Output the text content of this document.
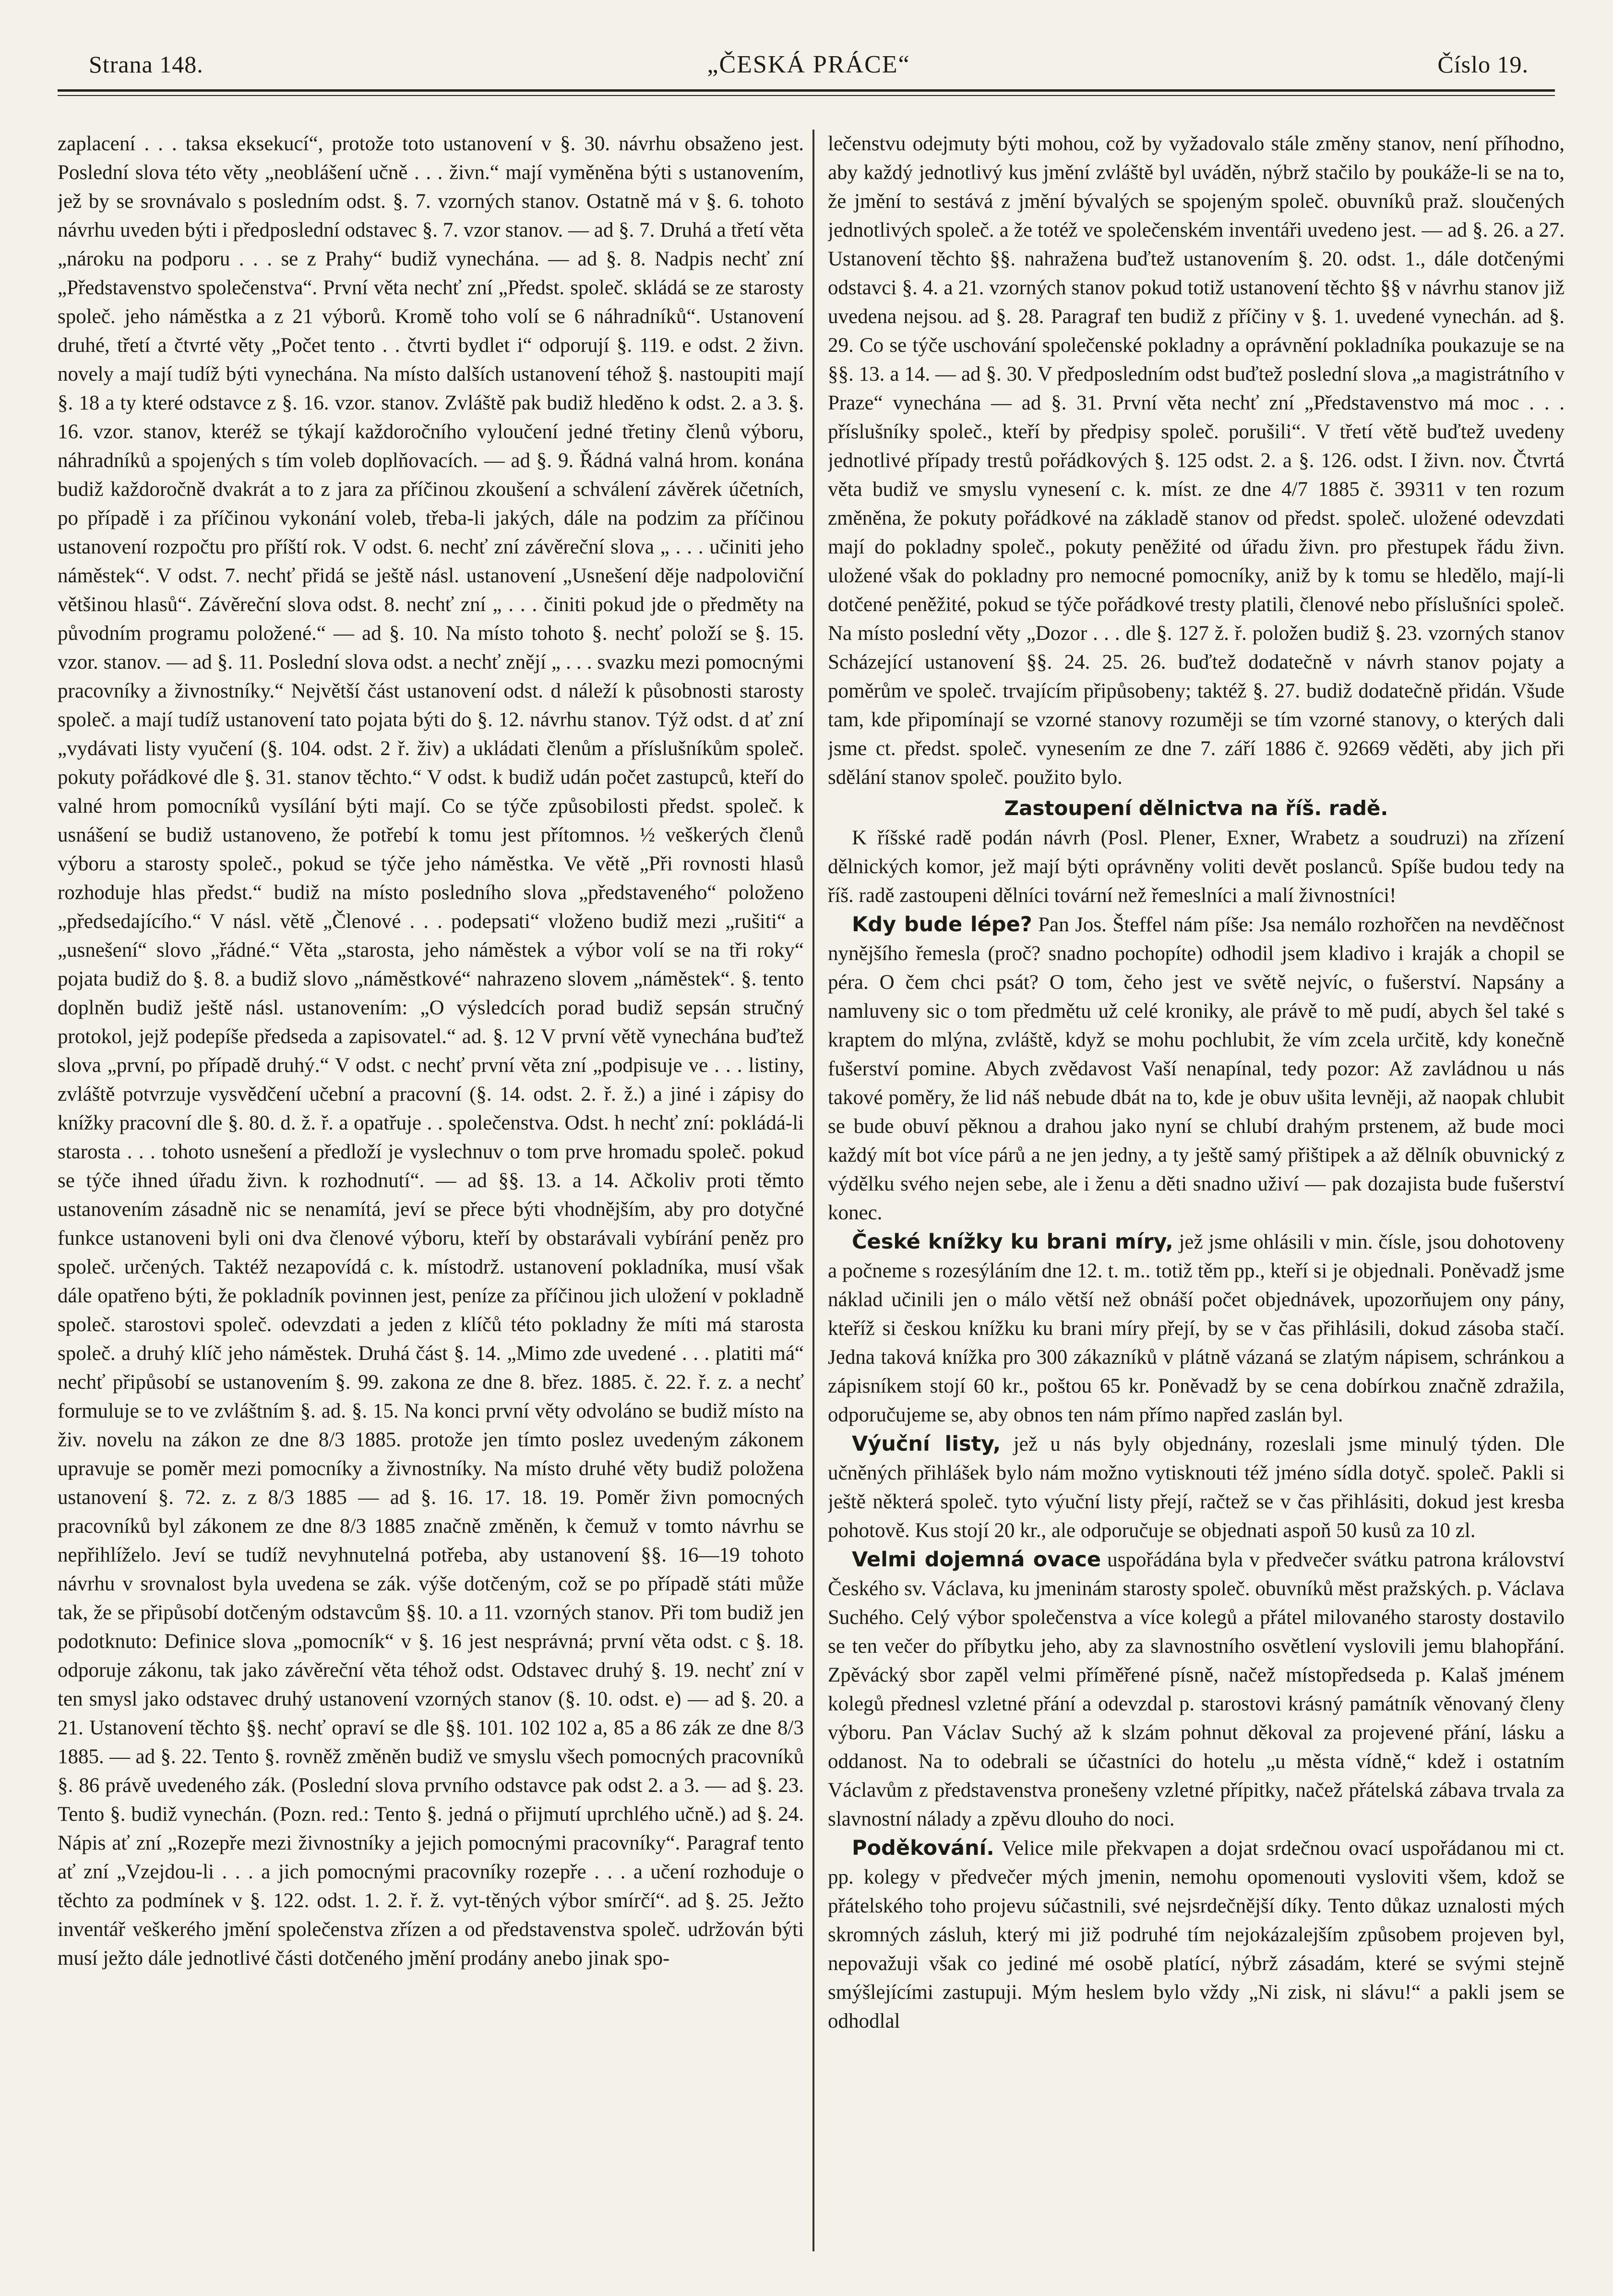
„ČESKÁ PRÁCE“
Strana 148.	Číslo 19.

zaplacení . . . taksa eksekucí“, protože toto ustanovení v §. 30. návrhu obsaženo jest. Poslední slova této věty „neoblášení učně . . . živn.“ mají vyměněna býti s ustanovením, jež by se srovnávalo s posledním odst. §. 7. vzorných stanov. Ostatně má v §. 6. tohoto návrhu uveden býti i předposlední odstavec §. 7. vzor stanov. — ad §. 7. Druhá a třetí věta „nároku na podporu . . . se z Prahy“ budiž vynechána. — ad §. 8. Nadpis nechť zní „Představenstvo společenstva“. První věta nechť zní „Předst. společ. skládá se ze starosty společ. jeho náměstka a z 21 výborů. Kromě toho volí se 6 náhradníků“. Ustanovení druhé, třetí a čtvrté věty „Počet tento . . čtvrti bydlet i“ odporují §. 119. e odst. 2 živn. novely a mají tudíž býti vynechána. Na místo dalších ustanovení téhož §. nastoupiti mají §. 18 a ty které odstavce z §. 16. vzor. stanov. Zvláště pak budiž hleděno k odst. 2. a 3. §. 16. vzor. stanov, kteréž se týkají každoročního vyloučení jedné třetiny členů výboru, náhradníků a spojených s tím voleb doplňovacích. — ad §. 9. Řádná valná hrom. konána budiž každoročně dvakrát a to z jara za příčinou zkoušení a schválení závěrek účetních, po případě i za příčinou vykonání voleb, třeba-li jakých, dále na podzim za příčinou ustanovení rozpočtu pro příští rok. V odst. 6. nechť zní závěreční slova „ . . . učiniti jeho náměstek“. V odst. 7. nechť přidá se ještě násl. ustanovení „Usnešení děje nadpoloviční většinou hlasů“. Závěreční slova odst. 8. nechť zní „ . . . činiti pokud jde o předměty na původním programu položené.“ — ad §. 10. Na místo tohoto §. nechť položí se §. 15. vzor. stanov. — ad §. 11. Poslední slova odst. a nechť znějí „ . . . svazku mezi pomocnými pracovníky a živnostníky.“ Největší část ustanovení odst. d náleží k působnosti starosty společ. a mají tudíž ustanovení tato pojata býti do §. 12. návrhu stanov. Týž odst. d ať zní „vydávati listy vyučení (§. 104. odst. 2 ř. živ) a ukládati členům a příslušníkům společ. pokuty pořádkové dle §. 31. stanov těchto.“ V odst. k budiž udán počet zastupců, kteří do valné hrom pomocníků vysílání býti mají. Co se týče způsobilosti předst. společ. k usnášení se budiž ustanoveno, že potřebí k tomu jest přítomnos. ½ veškerých členů výboru a starosty společ., pokud se týče jeho náměstka. Ve větě „Při rovnosti hlasů rozhoduje hlas předst.“ budiž na místo posledního slova „představeného“ položeno „předsedajícího.“ V násl. větě „Členové . . . podepsati“ vloženo budiž mezi „rušiti“ a „usnešení“ slovo „řádné.“ Věta „starosta, jeho náměstek a výbor volí se na tři roky“ pojata budiž do §. 8. a budiž slovo „náměstkové“ nahrazeno slovem „náměstek“. §. tento doplněn budiž ještě násl. ustanovením: „O výsledcích porad budiž sepsán stručný protokol, jejž podepíše předseda a zapisovatel.“ ad. §. 12 V první větě vynechána buďtež slova „první, po případě druhý.“ V odst. c nechť první věta zní „podpisuje ve . . . listiny, zvláště potvrzuje vysvědčení učební a pracovní (§. 14. odst. 2. ř. ž.) a jiné i zápisy do knížky pracovní dle §. 80. d. ž. ř. a opatřuje . . společenstva. Odst. h nechť zní: pokládá-li starosta . . . tohoto usnešení a předloží je vyslechnuv o tom prve hromadu společ. pokud se týče ihned úřadu živn. k rozhodnutí“. — ad §§. 13. a 14. Ačkoliv proti těmto ustanovením zásadně nic se nenamítá, jeví se přece býti vhodnějším, aby pro dotyčné funkce ustanoveni byli oni dva členové výboru, kteří by obstarávali vybírání peněz pro společ. určených. Taktéž nezapovídá c. k. místodrž. ustanovení pokladníka, musí však dále opatřeno býti, že pokladník povinnen jest, peníze za příčinou jich uložení v pokladně společ. starostovi společ. odevzdati a jeden z klíčů této pokladny že míti má starosta společ. a druhý klíč jeho náměstek. Druhá část §. 14. „Mimo zde uvedené . . . platiti má“ nechť připůsobí se ustanovením §. 99. zakona ze dne 8. břez. 1885. č. 22. ř. z. a nechť formuluje se to ve zvláštním §. ad. §. 15. Na konci první věty odvoláno se budiž místo na živ. novelu na zákon ze dne 8/3 1885. protože jen tímto poslez uvedeným zákonem upravuje se poměr mezi pomocníky a živnostníky. Na místo druhé věty budiž položena ustanovení §. 72. z. z 8/3 1885 — ad §. 16. 17. 18. 19. Poměr živn pomocných pracovníků byl zákonem ze dne 8/3 1885 značně změněn, k čemuž v tomto návrhu se nepřihlíželo. Jeví se tudíž nevyhnutelná potřeba, aby ustanovení §§. 16—19 tohoto návrhu v srovnalost byla uvedena se zák. výše dotčeným, což se po případě státi může tak, že se připůsobí dotčeným odstavcům §§. 10. a 11. vzorných stanov. Při tom budiž jen podotknuto: Definice slova „pomocník“ v §. 16 jest nesprávná; první věta odst. c §. 18. odporuje zákonu, tak jako závěreční věta téhož odst. Odstavec druhý §. 19. nechť zní v ten smysl jako odstavec druhý ustanovení vzorných stanov (§. 10. odst. e) — ad §. 20. a 21. Ustanovení těchto §§. nechť opraví se dle §§. 101. 102 102 a, 85 a 86 zák ze dne 8/3 1885. — ad §. 22. Tento §. rovněž změněn budiž ve smyslu všech pomocných pracovníků §. 86 právě uvedeného zák. (Poslední slova prvního odstavce pak odst 2. a 3. — ad §. 23. Tento §. budiž vynechán. (Pozn. red.: Tento §. jedná o přijmutí uprchlého učně.) ad §. 24. Nápis ať zní „Rozepře mezi živnostníky a jejich pomocnými pracovníky“. Paragraf tento ať zní „Vzejdou-li . . . a jich pomocnými pracovníky rozepře . . . a učení rozhoduje o těchto za podmínek v §. 122. odst. 1. 2. ř. ž. vyt-těných výbor smírčí“. ad §. 25. Ježto inventář veškerého jmění společenstva zřízen a od představenstva společ. udržován býti musí ježto dále jednotlivé části dotčeného jmění prodány anebo jinak spo-

lečenstvu odejmuty býti mohou, což by vyžadovalo stále změny stanov, není příhodno, aby každý jednotlivý kus jmění zvláště byl uváděn, nýbrž stačilo by poukáže-li se na to, že jmění to sestává z jmění bývalých se spojeným společ. obuvníků praž. sloučených jednotlivých společ. a že totéž ve společenském inventáři uvedeno jest. — ad §. 26. a 27. Ustanovení těchto §§. nahražena buďtež ustanovením §. 20. odst. 1., dále dotčenými odstavci §. 4. a 21. vzorných stanov pokud totiž ustanovení těchto §§ v návrhu stanov již uvedena nejsou. ad §. 28. Paragraf ten budiž z příčiny v §. 1. uvedené vynechán. ad §. 29. Co se týče uschování společenské pokladny a oprávnění pokladníka poukazuje se na §§. 13. a 14. — ad §. 30. V předposledním odst buďtež poslední slova „a magistrátního v Praze“ vynechána — ad §. 31. První věta nechť zní „Představenstvo má moc . . . příslušníky společ., kteří by předpisy společ. porušili“. V třetí větě buďtež uvedeny jednotlivé případy trestů pořádkových §. 125 odst. 2. a §. 126. odst. I živn. nov. Čtvrtá věta budiž ve smyslu vynesení c. k. míst. ze dne 4/7 1885 č. 39311 v ten rozum změněna, že pokuty pořádkové na základě stanov od předst. společ. uložené odevzdati mají do pokladny společ., pokuty peněžité od úřadu živn. pro přestupek řádu živn. uložené však do pokladny pro nemocné pomocníky, aniž by k tomu se hledělo, mají-li dotčené peněžité, pokud se týče pořádkové tresty platili, členové nebo příslušníci společ. Na místo poslední věty „Dozor . . . dle §. 127 ž. ř. položen budiž §. 23. vzorných stanov Scházející ustanovení §§. 24. 25. 26. buďtež dodatečně v návrh stanov pojaty a poměrům ve společ. trvajícím připůsobeny; taktéž §. 27. budiž dodatečně přidán. Všude tam, kde připomínají se vzorné stanovy rozuměji se tím vzorné stanovy, o kterých dali jsme ct. předst. společ. vynesením ze dne 7. září 1886 č. 92669 věděti, aby jich při sdělání stanov společ. použito bylo.

Zastoupení dělnictva na říš. radě.

K říšské radě podán návrh (Posl. Plener, Exner, Wrabetz a soudruzi) na zřízení dělnických komor, jež mají býti oprávněny voliti devět poslanců. Spíše budou tedy na říš. radě zastoupeni dělníci tovární než řemeslníci a malí živnostníci!

Kdy bude lépe? Pan Jos. Šteffel nám píše: Jsa nemálo rozhořčen na nevděčnost nynějšího řemesla (proč? snadno pochopíte) odhodil jsem kladivo i kraják a chopil se péra. O čem chci psát? O tom, čeho jest ve světě nejvíc, o fušerství. Napsány a namluveny sic o tom předmětu už celé kroniky, ale právě to mě pudí, abych šel také s kraptem do mlýna, zvláště, když se mohu pochlubit, že vím zcela určitě, kdy konečně fušerství pomine. Abych zvědavost Vaší nenapínal, tedy pozor: Až zavládnou u nás takové poměry, že lid náš nebude dbát na to, kde je obuv ušita levněji, až naopak chlubit se bude obuví pěknou a drahou jako nyní se chlubí drahým prstenem, až bude moci každý mít bot více párů a ne jen jedny, a ty ještě samý přištipek a až dělník obuvnický z výdělku svého nejen sebe, ale i ženu a děti snadno uživí — pak dozajista bude fušerství konec.

České knížky ku brani míry, jež jsme ohlásili v min. čísle, jsou dohotoveny a počneme s rozesýláním dne 12. t. m.. totiž těm pp., kteří si je objednali. Poněvadž jsme náklad učinili jen o málo větší než obnáší počet objednávek, upozorňujem ony pány, kteříž si českou knížku ku brani míry přejí, by se v čas přihlásili, dokud zásoba stačí. Jedna taková knížka pro 300 zákazníků v plátně vázaná se zlatým nápisem, schránkou a zápisníkem stojí 60 kr., poštou 65 kr. Poněvadž by se cena dobírkou značně zdražila, odporučujeme se, aby obnos ten nám přímo napřed zaslán byl.

Výuční listy, jež u nás byly objednány, rozeslali jsme minulý týden. Dle učněných přihlášek bylo nám možno vytisknouti též jméno sídla dotyč. společ. Pakli si ještě některá společ. tyto výuční listy přejí, račtež se v čas přihlásiti, dokud jest kresba pohotově. Kus stojí 20 kr., ale odporučuje se objednati aspoň 50 kusů za 10 zl.

Velmi dojemná ovace uspořádána byla v předvečer svátku patrona království Českého sv. Václava, ku jmeninám starosty společ. obuvníků měst pražských. p. Václava Suchého. Celý výbor společenstva a více kolegů a přátel milovaného starosty dostavilo se ten večer do příbytku jeho, aby za slavnostního osvětlení vyslovili jemu blahopřání. Zpěvácký sbor zapěl velmi příměřené písně, načež místopředseda p. Kalaš jménem kolegů přednesl vzletné přání a odevzdal p. starostovi krásný památník věnovaný členy výboru. Pan Václav Suchý až k slzám pohnut děkoval za projevené přání, lásku a oddanost. Na to odebrali se účastníci do hotelu „u města vídně,“ kdež i ostatním Václavům z představenstva pronešeny vzletné přípitky, načež přátelská zábava trvala za slavnostní nálady a zpěvu dlouho do noci.

Poděkování. Velice mile překvapen a dojat srdečnou ovací uspořádanou mi ct. pp. kolegy v předvečer mých jmenin, nemohu opomenouti vysloviti všem, kdož se přátelského toho projevu súčastnili, své nejsrdečnější díky. Tento důkaz uznalosti mých skromných zásluh, který mi již podruhé tím nejokázalejším způsobem projeven byl, nepovažuji však co jediné mé osobě platící, nýbrž zásadám, které se svými stejně smýšlejícími zastupuji. Mým heslem bylo vždy „Ni zisk, ni slávu!“ a pakli jsem se odhodlal
